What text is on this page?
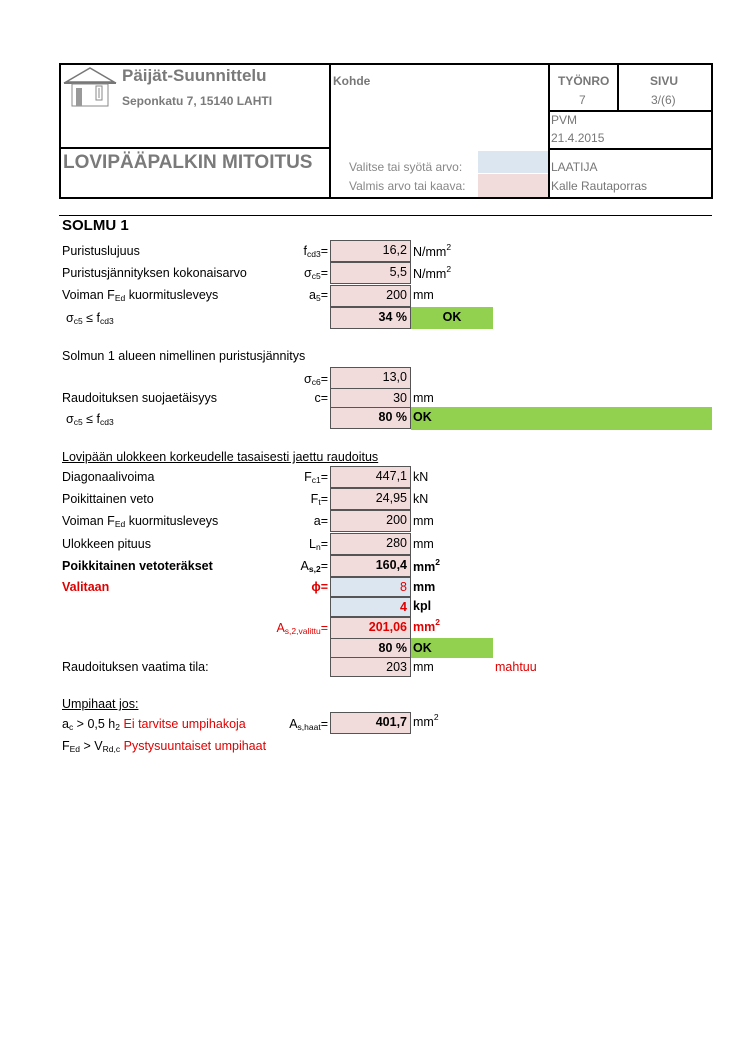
Päijät-Suunnittelu
Seponkatu 7, 15140 LAHTI
Kohde	TYÖNRO
7
SIVU
3/(6)
PVM
21.4.2015
LOVIPÄÄPALKIN MITOITUS	Valitse tai syötä arvo:
Valmis arvo tai kaava:
LAATIJA
Kalle Rautaporras
SOLMU 1
Puristuslujuus	$f_{cd3}=$	16,2 $N/mm^2$
Puristusjännityksen kokonaisarvo	$\sigma_{c5}=$	5,5 $N/mm^2$
Voiman $F_{Ed}$ kuormitusleveys	$a_5=$	200 mm
$\sigma_{c5} \le f_{cd3}$	34 %	OK
Solmun 1 alueen nimellinen puristusjännitys
$\sigma_{c6}=$	13,0
Raudoituksen suojaetäisyys	c=	30 mm
$\sigma_{c5} \le f_{cd3}$	80 % OK
Lovipään ulokkeen korkeudelle tasaisesti jaettu raudoitus
Diagonaalivoima	$F_{c1}=$	447,1 kN
Poikittainen veto	$F_t=$	24,95 kN
Voiman $F_{Ed}$ kuormitusleveys	a=	200 mm
Ulokkeen pituus	$L_n=$	280 mm
Poikkitainen vetoteräkset	$A_{s,2}=$	160,4 $mm^2$
Valitaan	ϕ=	8 mm
4 kpl
$A_{s,2,valittu}=$	201,06 $mm^2$
80 % OK
Raudoituksen vaatima tila:	203 mm	mahtuu
Umpihaat jos:
$a_c > 0,5$ $h_2$ Ei tarvitse umpihakoja	$A_{s,haat}=$	401,7 $mm^2$
$F_{Ed} > V_{Rd,c}$ Pystysuuntaiset umpihaat
